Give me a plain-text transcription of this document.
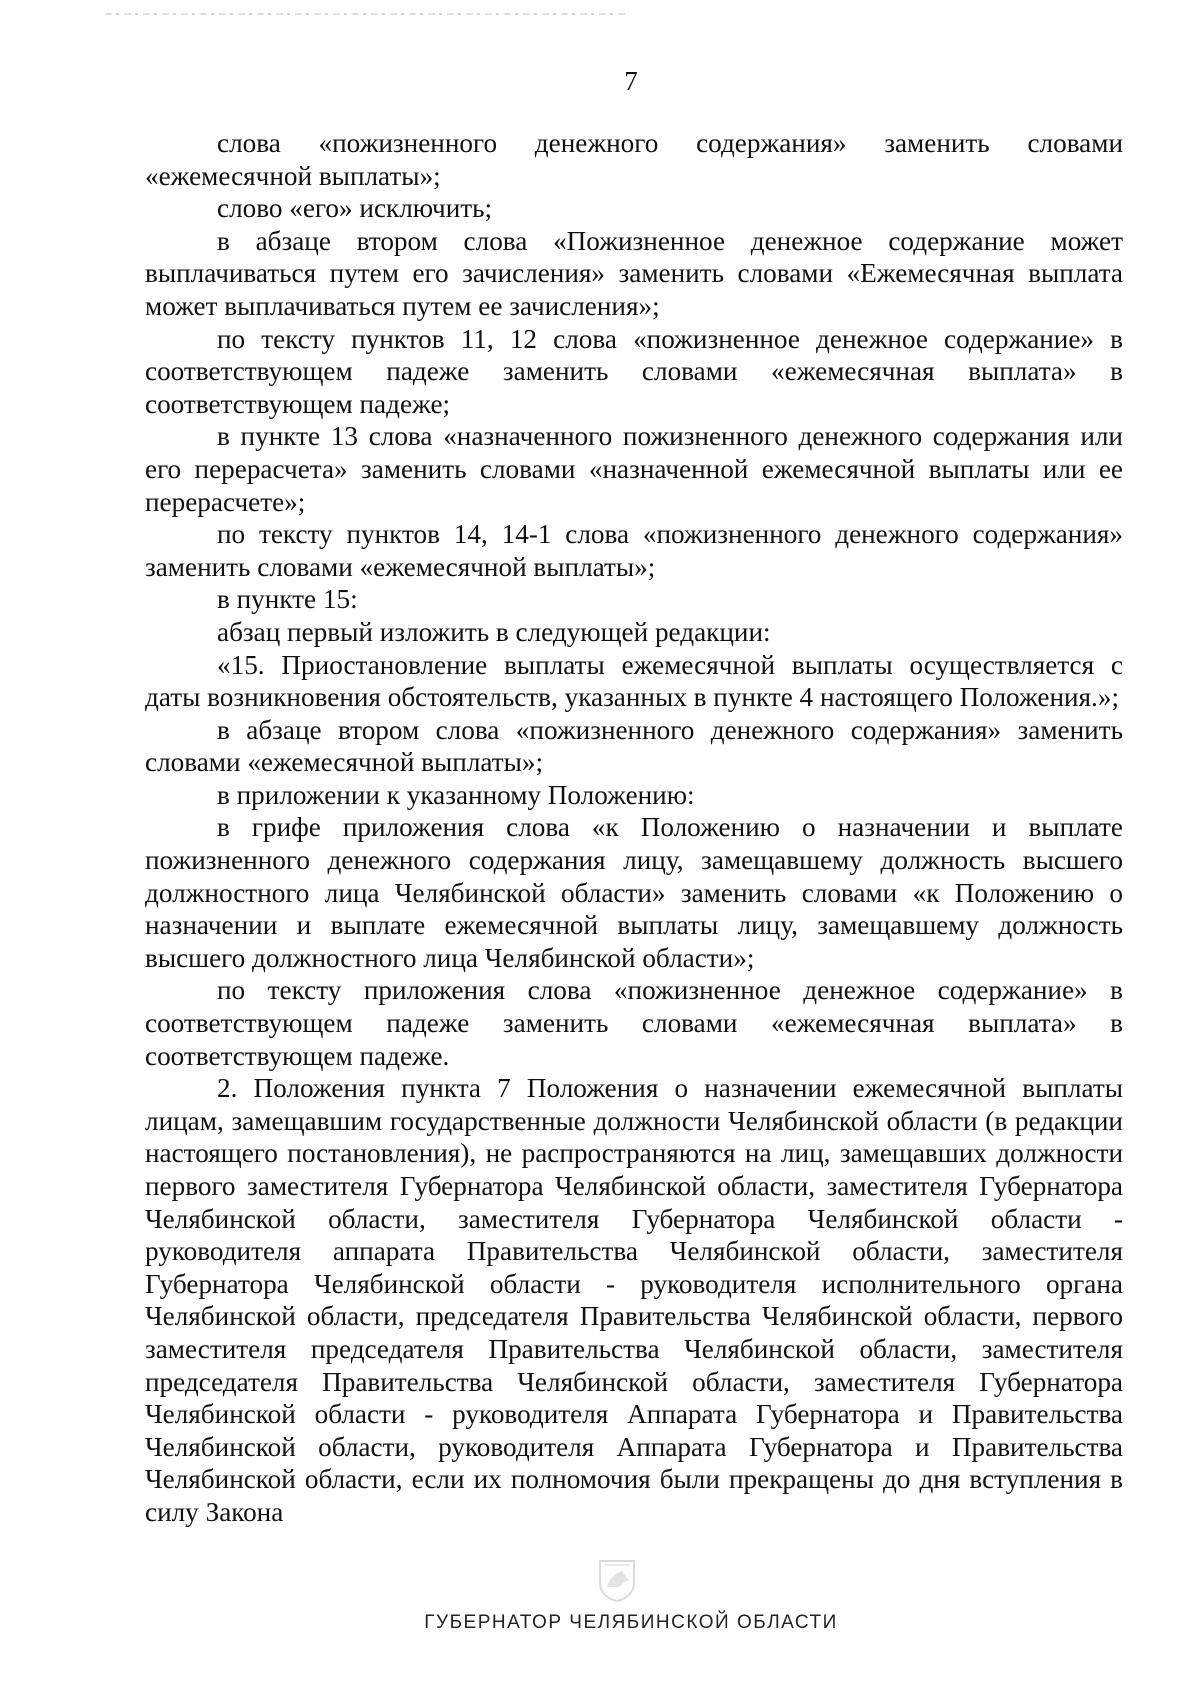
7

слова «пожизненного денежного содержания» заменить словами «ежемесячной выплаты»;

слово «его» исключить;

в абзаце втором слова «Пожизненное денежное содержание может выплачиваться путем его зачисления» заменить словами «Ежемесячная выплата может выплачиваться путем ее зачисления»;

по тексту пунктов 11, 12 слова «пожизненное денежное содержание» в соответствующем падеже заменить словами «ежемесячная выплата» в соответствующем падеже;

в пункте 13 слова «назначенного пожизненного денежного содержания или его перерасчета» заменить словами «назначенной ежемесячной выплаты или ее перерасчете»;

по тексту пунктов 14, 14-1 слова «пожизненного денежного содержания» заменить словами «ежемесячной выплаты»;

в пункте 15:

абзац первый изложить в следующей редакции:

«15. Приостановление выплаты ежемесячной выплаты осуществляется с даты возникновения обстоятельств, указанных в пункте 4 настоящего Положения.»;

в абзаце втором слова «пожизненного денежного содержания» заменить словами «ежемесячной выплаты»;

в приложении к указанному Положению:

в грифе приложения слова «к Положению о назначении и выплате пожизненного денежного содержания лицу, замещавшему должность высшего должностного лица Челябинской области» заменить словами «к Положению о назначении и выплате ежемесячной выплаты лицу, замещавшему должность высшего должностного лица Челябинской области»;

по тексту приложения слова «пожизненное денежное содержание» в соответствующем падеже заменить словами «ежемесячная выплата» в соответствующем падеже.

2. Положения пункта 7 Положения о назначении ежемесячной выплаты лицам, замещавшим государственные должности Челябинской области (в редакции настоящего постановления), не распространяются на лиц, замещавших должности первого заместителя Губернатора Челябинской области, заместителя Губернатора Челябинской области, заместителя Губернатора Челябинской области - руководителя аппарата Правительства Челябинской области, заместителя Губернатора Челябинской области - руководителя исполнительного органа Челябинской области, председателя Правительства Челябинской области, первого заместителя председателя Правительства Челябинской области, заместителя председателя Правительства Челябинской области, заместителя Губернатора Челябинской области - руководителя Аппарата Губернатора и Правительства Челябинской области, руководителя Аппарата Губернатора и Правительства Челябинской области, если их полномочия были прекращены до дня вступления в силу Закона

ГУБЕРНАТОР ЧЕЛЯБИНСКОЙ ОБЛАСТИ
